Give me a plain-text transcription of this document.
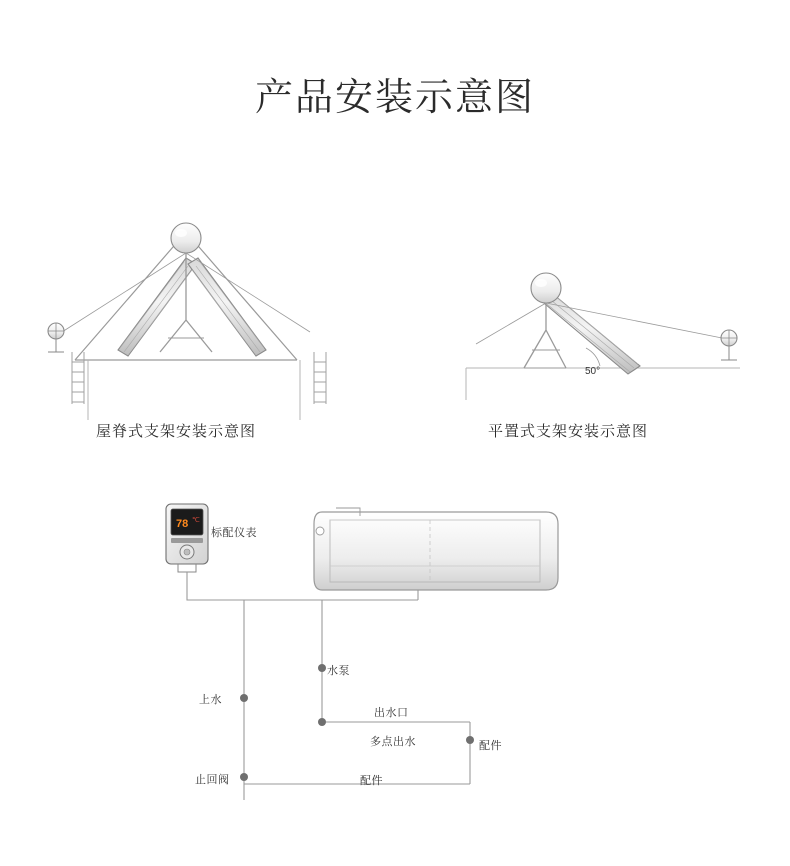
产品安装示意图
50°
78 ℃
屋脊式支架安装示意图	平置式支架安装示意图
标配仪表
水泵
上水
出水口
多点出水	配件
止回阀	配件
